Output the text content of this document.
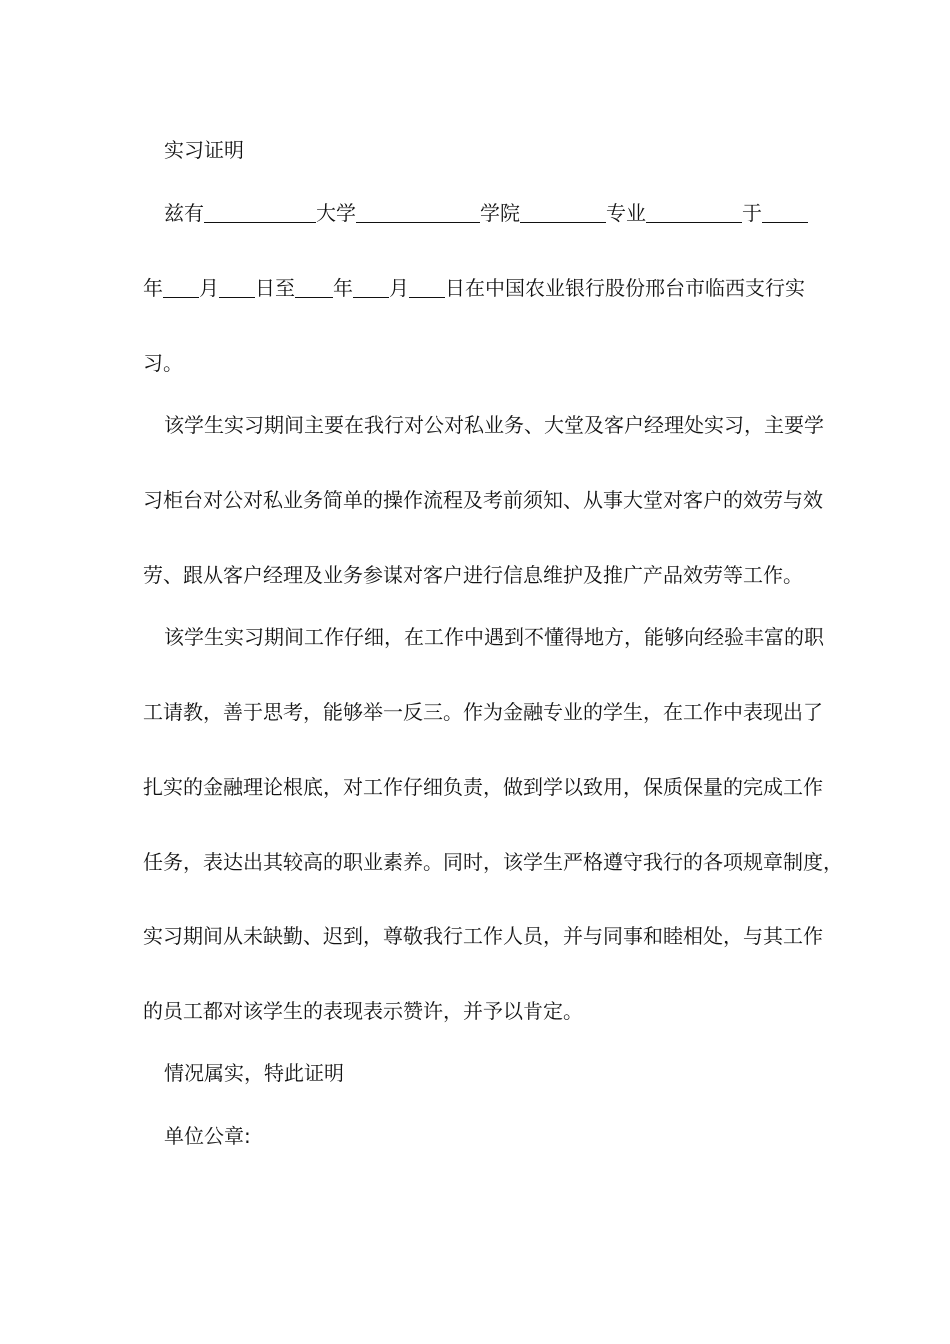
实习证明
兹有	大学	学院	专业	于
年 月 日至 年 月 日在中国农业银行股份邢台市临西支行实
习。
该学生实习期间主要在我行对公对私业务、大堂及客户经理处实习，主要学
习柜台对公对私业务简单的操作流程及考前须知、从事大堂对客户的效劳与效
劳、跟从客户经理及业务参谋对客户进行信息维护及推广产品效劳等工作。
该学生实习期间工作仔细，在工作中遇到不懂得地方，能够向经验丰富的职
工请教，善于思考，能够举一反三。作为金融专业的学生，在工作中表现出了
扎实的金融理论根底，对工作仔细负责，做到学以致用，保质保量的完成工作
任务，表达出其较高的职业素养。同时，该学生严格遵守我行的各项规章制度，
实习期间从未缺勤、迟到，尊敬我行工作人员，并与同事和睦相处，与其工作
的员工都对该学生的表现表示赞许，并予以肯定。
情况属实，特此证明
单位公章:
